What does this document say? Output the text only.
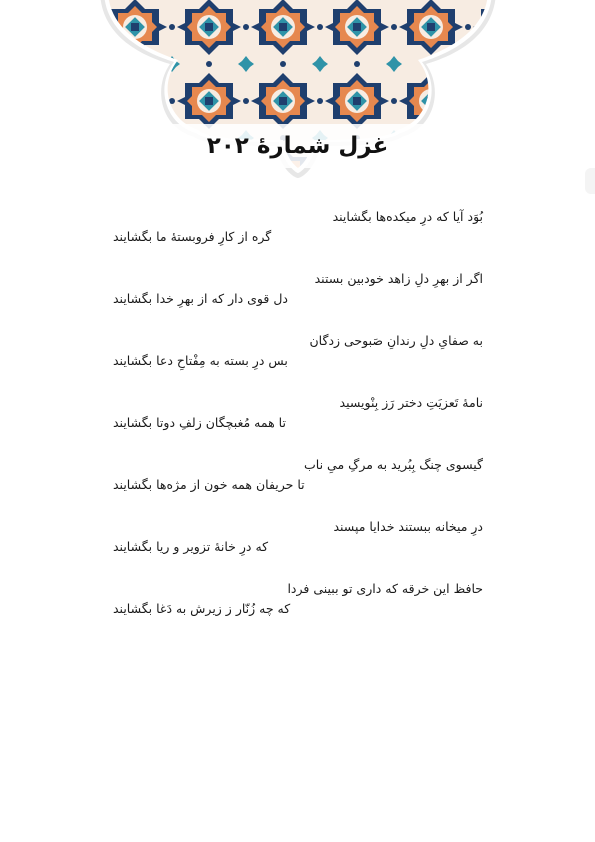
غزل شمارهٔ ۲۰۲
بُوَد آیا که درِ میکده‌ها بگشایند
گره از کارِ فروبستهٔ ما بگشایند
اگر از بهرِ دلِ زاهد خودبین بستند
دل قوی دار که از بهرِ خدا بگشایند
به صفایِ دلِ رندانِ صَبوحی زدگان
بس درِ بسته به مِفْتاحِ دعا بگشایند
نامهٔ تَعزیَتِ دختر رَز بِنْویسید
تا همه مُغبچگان زلفِ دوتا بگشایند
گیسوی چنگ بِبُرید به مرگِ میِ ناب
تا حریفان همه خون از مژه‌ها بگشایند
درِ میخانه ببستند خدایا مپسند
که درِ خانهٔ تزویر و ریا بگشایند
حافظ این خرقه که داری تو ببینی فردا
که چه زُنّار ز زیرش به دَغا بگشایند
